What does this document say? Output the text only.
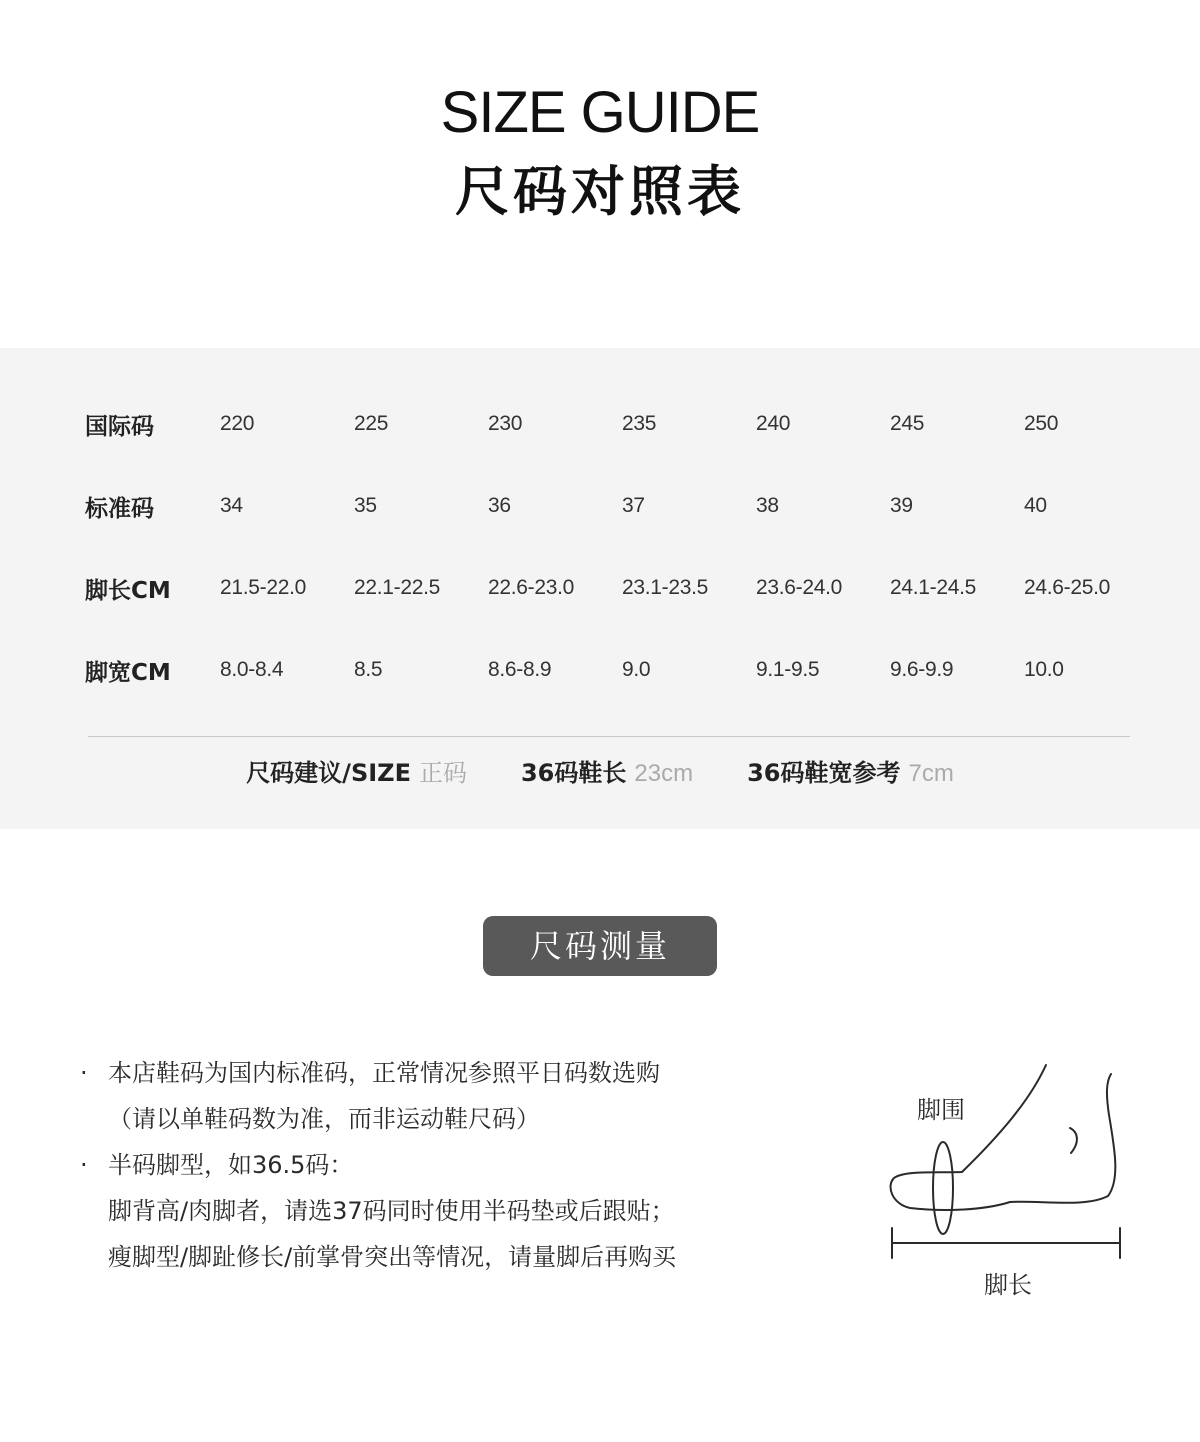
SIZE GUIDE
尺码对照表
国际码	220	225	230	235	240	245	250
标准码	34	35	36	37	38	39	40
脚长CM	21.5-22.0	22.1-22.5	22.6-23.0	23.1-23.5	23.6-24.0	24.1-24.5	24.6-25.0
脚宽CM	8.0-8.4	8.5	8.6-8.9	9.0	9.1-9.5	9.6-9.9	10.0
尺码建议/SIZE 正码 36码鞋长 23cm 36码鞋宽参考 7cm
尺码测量
· 本店鞋码为国内标准码，正常情况参照平日码数选购
（请以单鞋码数为准，而非运动鞋尺码）
· 半码脚型，如36.5码：
脚背高/肉脚者，请选37码同时使用半码垫或后跟贴；
瘦脚型/脚趾修长/前掌骨突出等情况，请量脚后再购买
脚围
脚长
